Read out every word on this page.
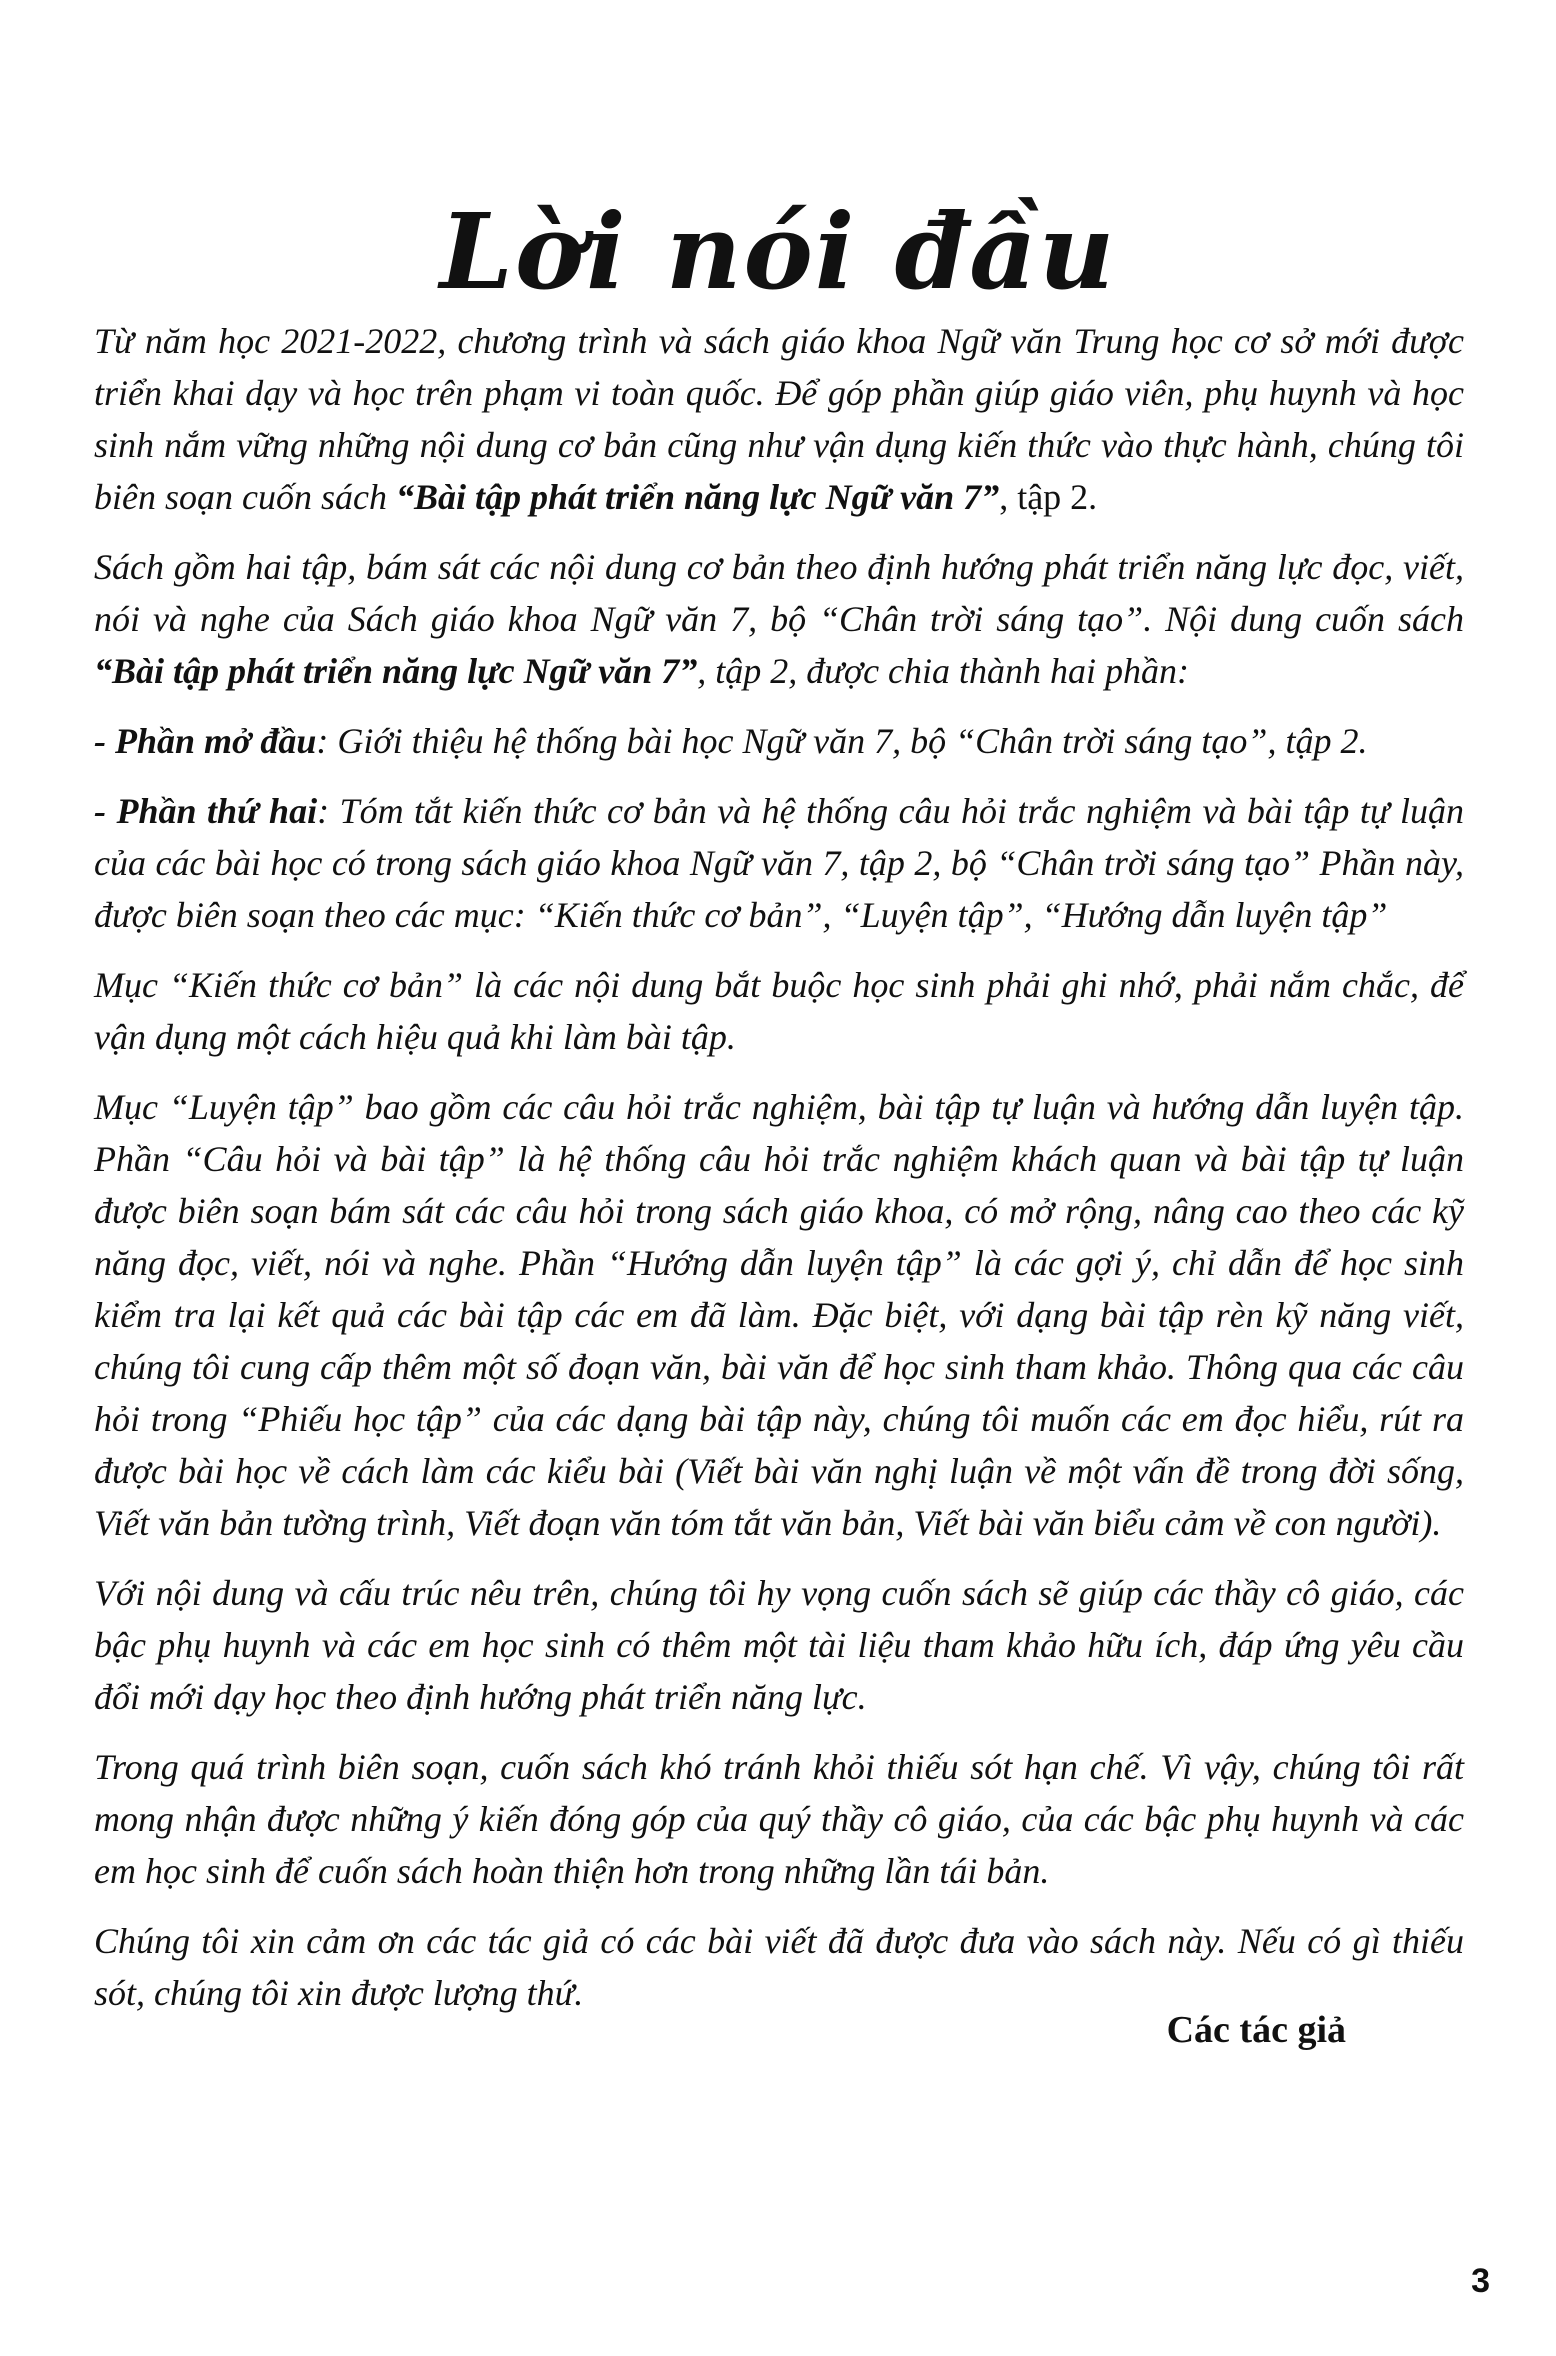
Lời nói đầu

Từ năm học 2021-2022, chương trình và sách giáo khoa Ngữ văn Trung học cơ sở mới được triển khai dạy và học trên phạm vi toàn quốc. Để góp phần giúp giáo viên, phụ huynh và học sinh nắm vững những nội dung cơ bản cũng như vận dụng kiến thức vào thực hành, chúng tôi biên soạn cuốn sách “Bài tập phát triển năng lực Ngữ văn 7”, tập 2.

Sách gồm hai tập, bám sát các nội dung cơ bản theo định hướng phát triển năng lực đọc, viết, nói và nghe của Sách giáo khoa Ngữ văn 7, bộ “Chân trời sáng tạo”. Nội dung cuốn sách “Bài tập phát triển năng lực Ngữ văn 7”, tập 2, được chia thành hai phần:

- Phần mở đầu: Giới thiệu hệ thống bài học Ngữ văn 7, bộ “Chân trời sáng tạo”, tập 2.

- Phần thứ hai: Tóm tắt kiến thức cơ bản và hệ thống câu hỏi trắc nghiệm và bài tập tự luận của các bài học có trong sách giáo khoa Ngữ văn 7, tập 2, bộ “Chân trời sáng tạo” Phần này, được biên soạn theo các mục: “Kiến thức cơ bản”, “Luyện tập”, “Hướng dẫn luyện tập”

Mục “Kiến thức cơ bản” là các nội dung bắt buộc học sinh phải ghi nhớ, phải nắm chắc, để vận dụng một cách hiệu quả khi làm bài tập.

Mục “Luyện tập” bao gồm các câu hỏi trắc nghiệm, bài tập tự luận và hướng dẫn luyện tập. Phần “Câu hỏi và bài tập” là hệ thống câu hỏi trắc nghiệm khách quan và bài tập tự luận được biên soạn bám sát các câu hỏi trong sách giáo khoa, có mở rộng, nâng cao theo các kỹ năng đọc, viết, nói và nghe. Phần “Hướng dẫn luyện tập” là các gợi ý, chỉ dẫn để học sinh kiểm tra lại kết quả các bài tập các em đã làm. Đặc biệt, với dạng bài tập rèn kỹ năng viết, chúng tôi cung cấp thêm một số đoạn văn, bài văn để học sinh tham khảo. Thông qua các câu hỏi trong “Phiếu học tập” của các dạng bài tập này, chúng tôi muốn các em đọc hiểu, rút ra được bài học về cách làm các kiểu bài (Viết bài văn nghị luận về một vấn đề trong đời sống, Viết văn bản tường trình, Viết đoạn văn tóm tắt văn bản, Viết bài văn biểu cảm về con người).

Với nội dung và cấu trúc nêu trên, chúng tôi hy vọng cuốn sách sẽ giúp các thầy cô giáo, các bậc phụ huynh và các em học sinh có thêm một tài liệu tham khảo hữu ích, đáp ứng yêu cầu đổi mới dạy học theo định hướng phát triển năng lực.

Trong quá trình biên soạn, cuốn sách khó tránh khỏi thiếu sót hạn chế. Vì vậy, chúng tôi rất mong nhận được những ý kiến đóng góp của quý thầy cô giáo, của các bậc phụ huynh và các em học sinh để cuốn sách hoàn thiện hơn trong những lần tái bản.

Chúng tôi xin cảm ơn các tác giả có các bài viết đã được đưa vào sách này. Nếu có gì thiếu sót, chúng tôi xin được lượng thứ.

Các tác giả
3
